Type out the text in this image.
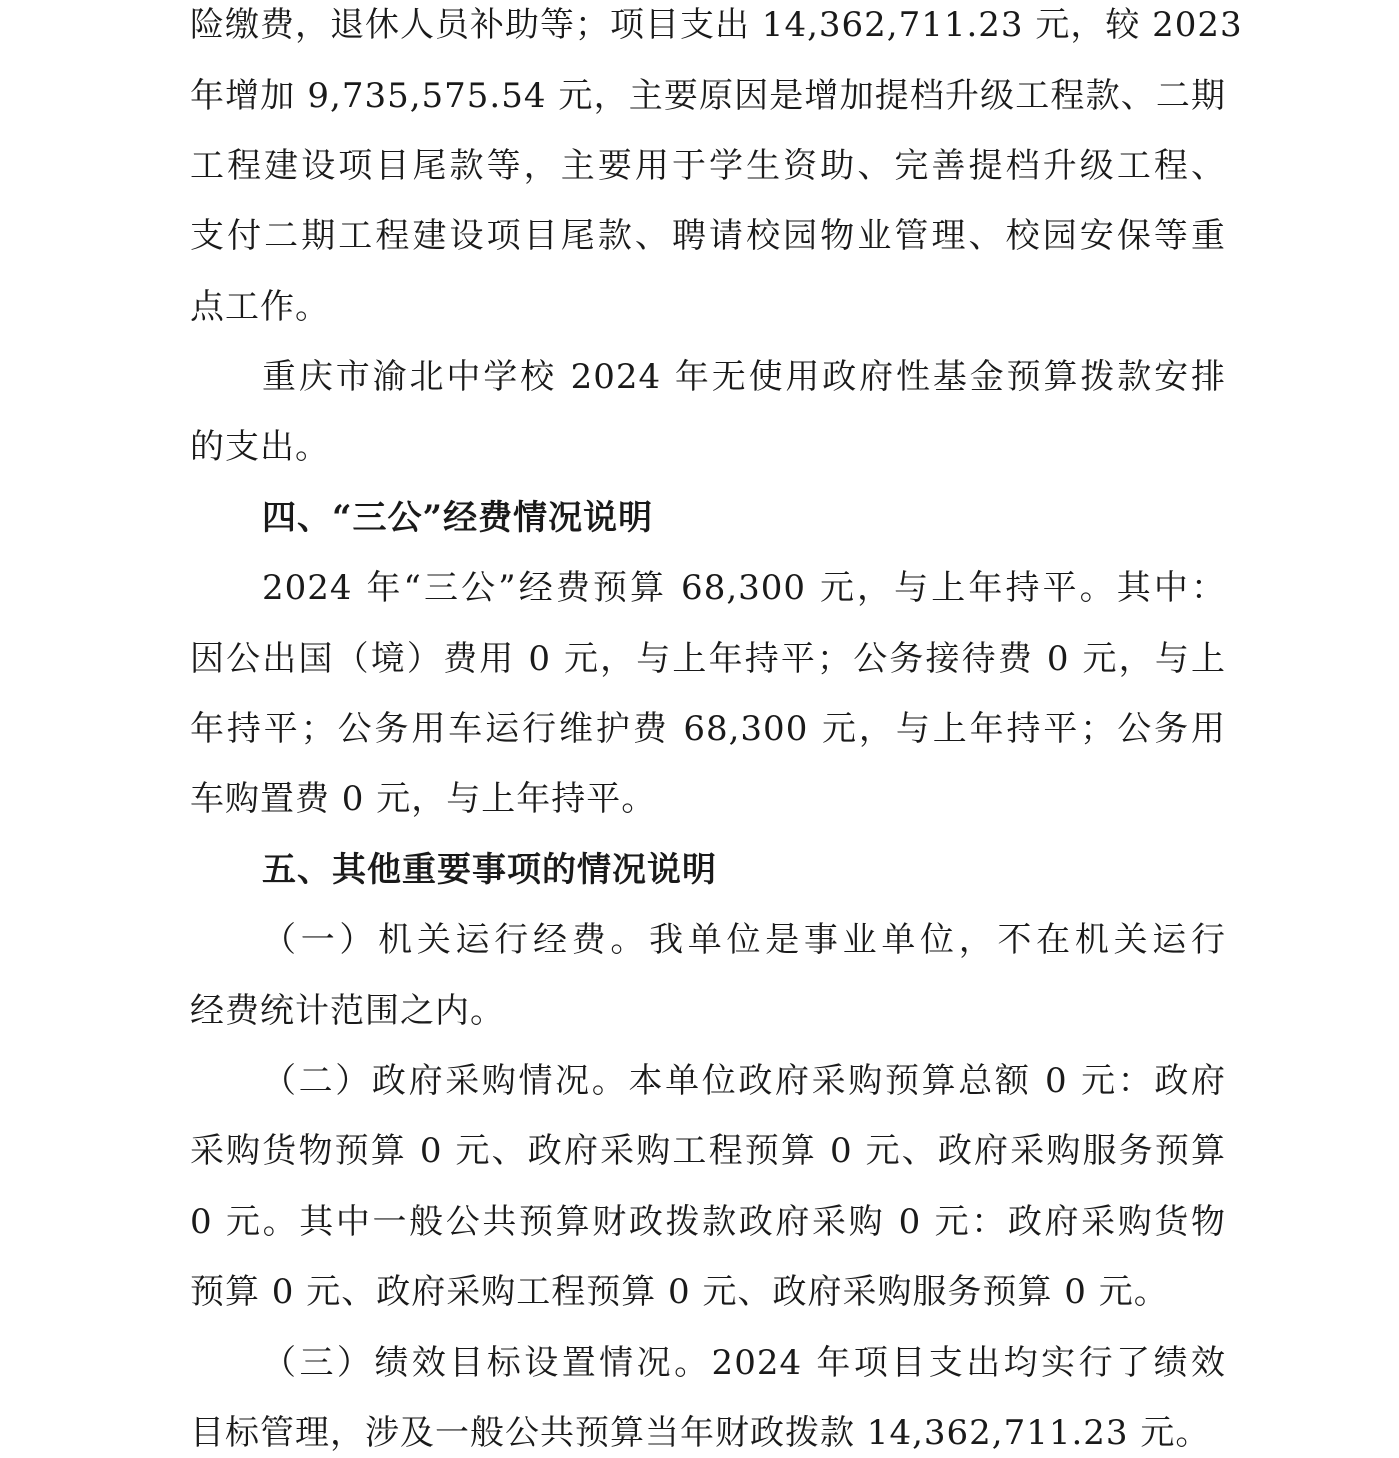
险缴费，退休人员补助等；项目支出 14,362,711.23 元，较 2023
年增加 9,735,575.54 元，主要原因是增加提档升级工程款、二期
工程建设项目尾款等，主要用于学生资助、完善提档升级工程、
支付二期工程建设项目尾款、聘请校园物业管理、校园安保等重
点工作。
重庆市渝北中学校 2024 年无使用政府性基金预算拨款安排
的支出。
四、“三公”经费情况说明
2024 年“三公”经费预算 68,300 元，与上年持平。其中：
因公出国（境）费用 0 元，与上年持平；公务接待费 0 元，与上
年持平；公务用车运行维护费 68,300 元，与上年持平；公务用
车购置费 0 元，与上年持平。
五、其他重要事项的情况说明
（一）机关运行经费。我单位是事业单位，不在机关运行
经费统计范围之内。
（二）政府采购情况。本单位政府采购预算总额 0 元：政府
采购货物预算 0 元、政府采购工程预算 0 元、政府采购服务预算
0 元。其中一般公共预算财政拨款政府采购 0 元：政府采购货物
预算 0 元、政府采购工程预算 0 元、政府采购服务预算 0 元。
（三）绩效目标设置情况。2024 年项目支出均实行了绩效
目标管理，涉及一般公共预算当年财政拨款 14,362,711.23 元。
